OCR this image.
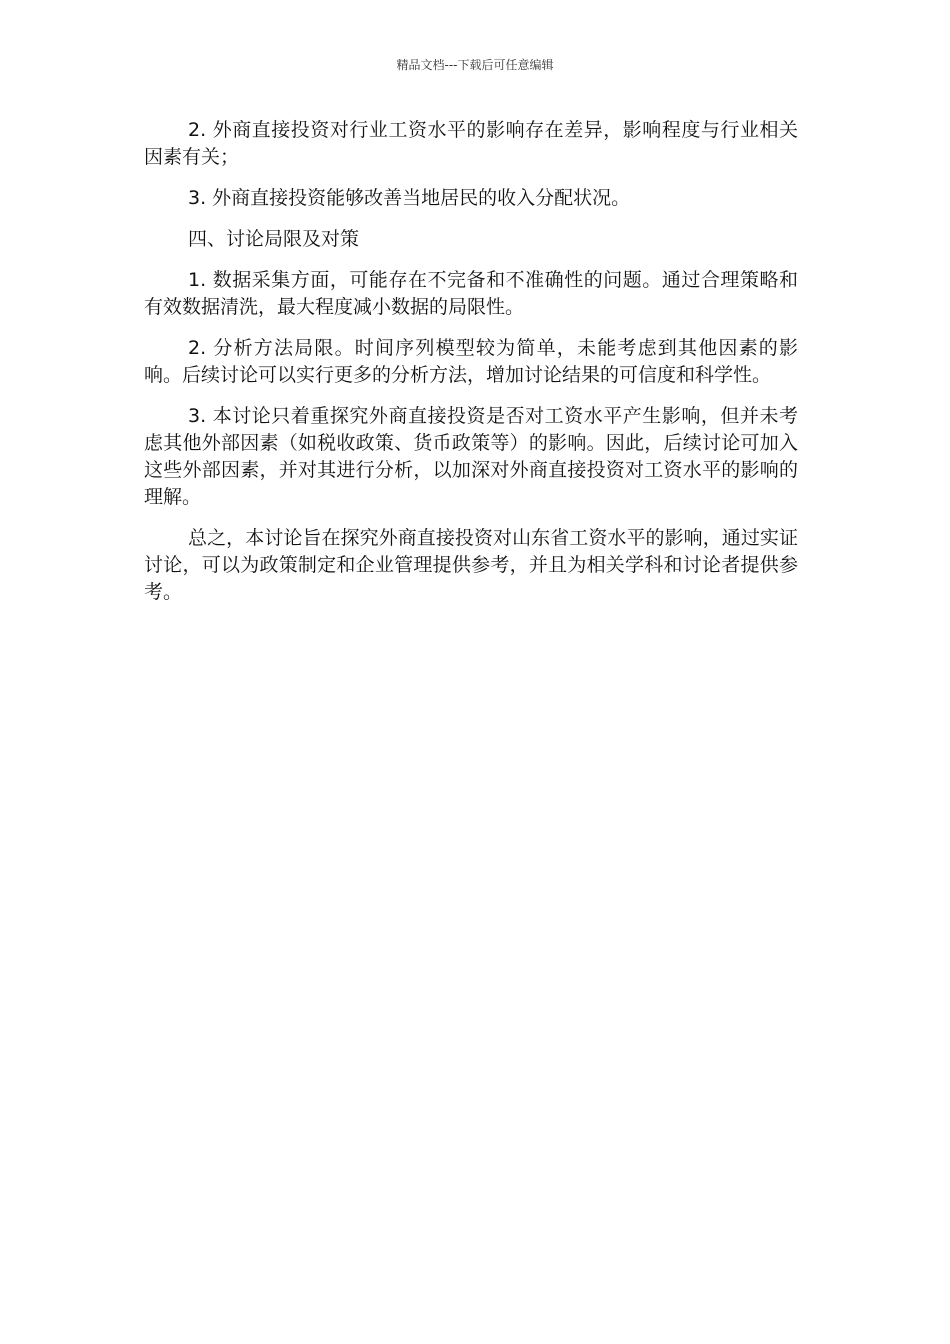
精品文档---下载后可任意编辑

2. 外商直接投资对行业工资水平的影响存在差异，影响程度与行业相关因素有关；

3. 外商直接投资能够改善当地居民的收入分配状况。

四、讨论局限及对策

1. 数据采集方面，可能存在不完备和不准确性的问题。通过合理策略和有效数据清洗，最大程度减小数据的局限性。

2. 分析方法局限。时间序列模型较为简单，未能考虑到其他因素的影响。后续讨论可以实行更多的分析方法，增加讨论结果的可信度和科学性。

3. 本讨论只着重探究外商直接投资是否对工资水平产生影响，但并未考虑其他外部因素（如税收政策、货币政策等）的影响。因此，后续讨论可加入这些外部因素，并对其进行分析，以加深对外商直接投资对工资水平的影响的理解。

总之，本讨论旨在探究外商直接投资对山东省工资水平的影响，通过实证讨论，可以为政策制定和企业管理提供参考，并且为相关学科和讨论者提供参考。
